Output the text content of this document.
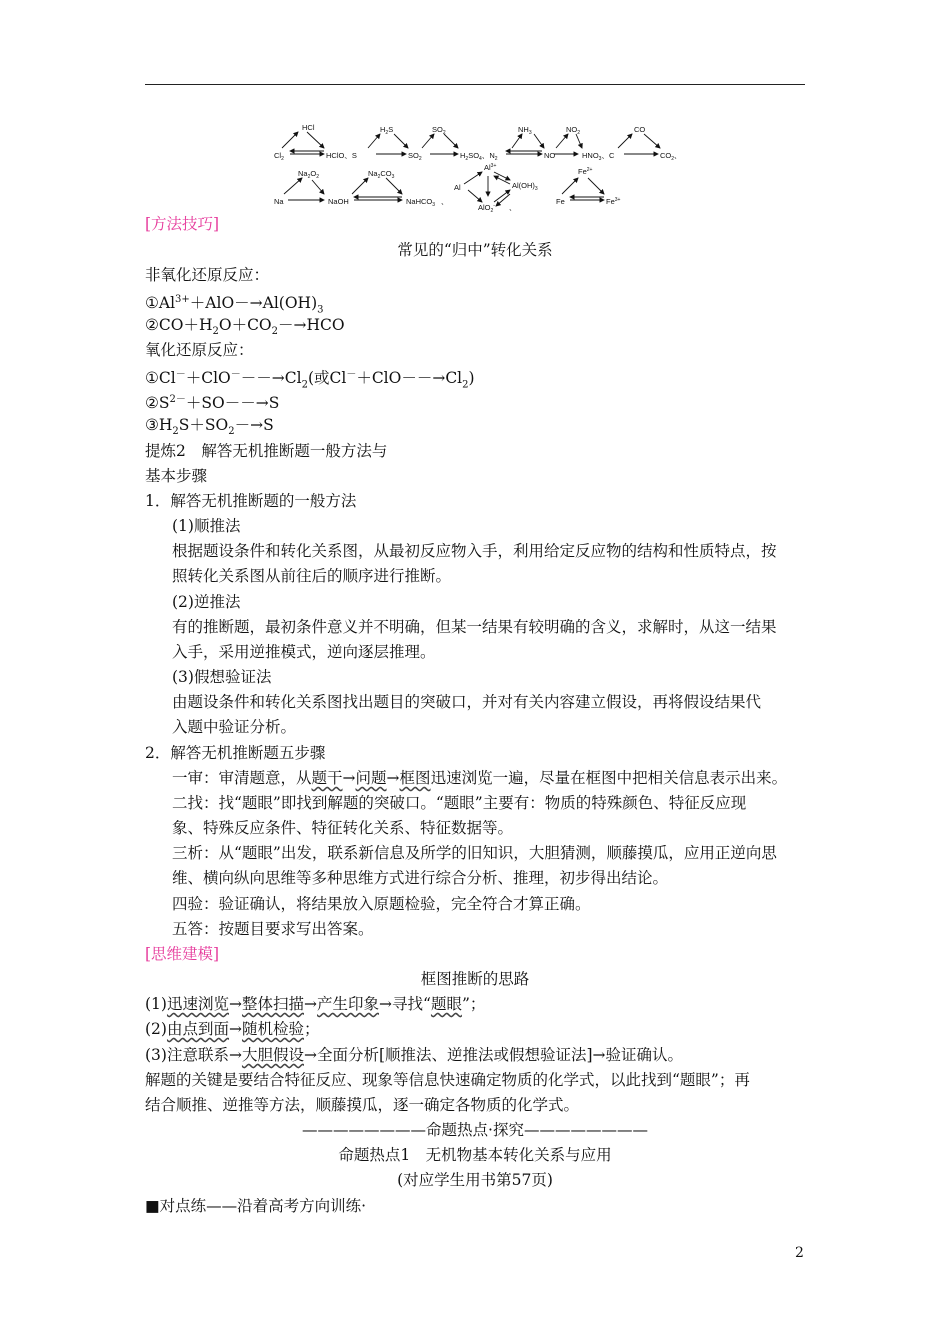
HCl
$Cl_2$	HClO、S
$H_2S$
$SO_2$
$SO_2$
$H_2SO_4$、$N_2$
$NH_3$
NO
$NO_2$
$HNO_3$、C
CO
$CO_2$、
$Na_2O_2$
Na	NaOH
$Na_2CO_3$
NaHCO$_3$ 、
Al
$Al^{3+}$
$Al(OH)_3$
AlO$_2$- 、
Fe
$Fe^{2+}$
$Fe^{3+}$
[方法技巧]
常见的“归中”转化关系
非氧化还原反应：
$①Al^{3+}+AlO-\to Al(OH)_3$
$②CO+H_2O+CO_2-\to HCO$
氧化还原反应：
$①Cl^-+ClO^---\to Cl_2$(或$Cl^-+ClO--\to Cl_2$)
$②S^{2-}+SO--\to S$
$③H_2S+SO_2-\to S$
提炼2　解答无机推断题一般方法与
基本步骤
1．解答无机推断题的一般方法
(1)顺推法
根据题设条件和转化关系图，从最初反应物入手，利用给定反应物的结构和性质特点，按
照转化关系图从前往后的顺序进行推断。
(2)逆推法
有的推断题，最初条件意义并不明确，但某一结果有较明确的含义，求解时，从这一结果
入手，采用逆推模式，逆向逐层推理。
(3)假想验证法
由题设条件和转化关系图找出题目的突破口，并对有关内容建立假设，再将假设结果代
入题中验证分析。
2．解答无机推断题五步骤
一审：审清题意，从题干→问题→框图迅速浏览一遍，尽量在框图中把相关信息表示出来。
二找：找“题眼”即找到解题的突破口。“题眼”主要有：物质的特殊颜色、特征反应现
象、特殊反应条件、特征转化关系、特征数据等。
三析：从“题眼”出发，联系新信息及所学的旧知识，大胆猜测，顺藤摸瓜，应用正逆向思
维、横向纵向思维等多种思维方式进行综合分析、推理，初步得出结论。
四验：验证确认，将结果放入原题检验，完全符合才算正确。
五答：按题目要求写出答案。
[思维建模]
框图推断的思路
(1)迅速浏览→整体扫描→产生印象→寻找“题眼”；
(2)由点到面→随机检验；
(3)注意联系→大胆假设→全面分析[顺推法、逆推法或假想验证法]→验证确认。
解题的关键是要结合特征反应、现象等信息快速确定物质的化学式，以此找到“题眼”；再
结合顺推、逆推等方法，顺藤摸瓜，逐一确定各物质的化学式。
————————命题热点·探究————————
命题热点1　无机物基本转化关系与应用
(对应学生用书第57页)
■对点练——沿着高考方向训练·
2
